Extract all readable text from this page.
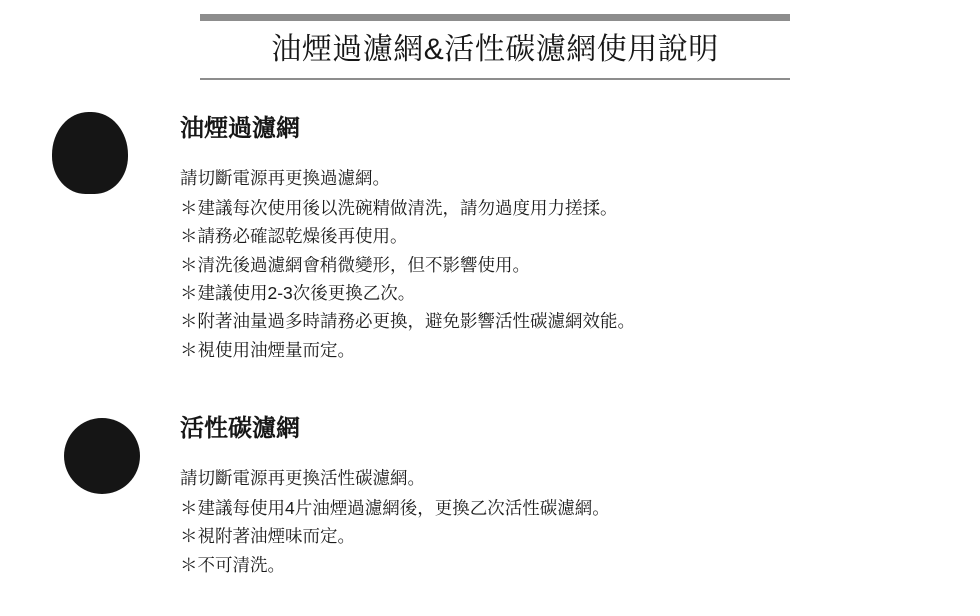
油煙過濾網&活性碳濾網使用說明
油煙過濾網
請切斷電源再更換過濾網。
＊建議每次使用後以洗碗精做清洗，請勿過度用力搓揉。
＊請務必確認乾燥後再使用。
＊清洗後過濾網會稍微變形，但不影響使用。
＊建議使用2-3次後更換乙次。
＊附著油量過多時請務必更換，避免影響活性碳濾網效能。
＊視使用油煙量而定。
活性碳濾網
請切斷電源再更換活性碳濾網。
＊建議每使用4片油煙過濾網後，更換乙次活性碳濾網。
＊視附著油煙味而定。
＊不可清洗。
